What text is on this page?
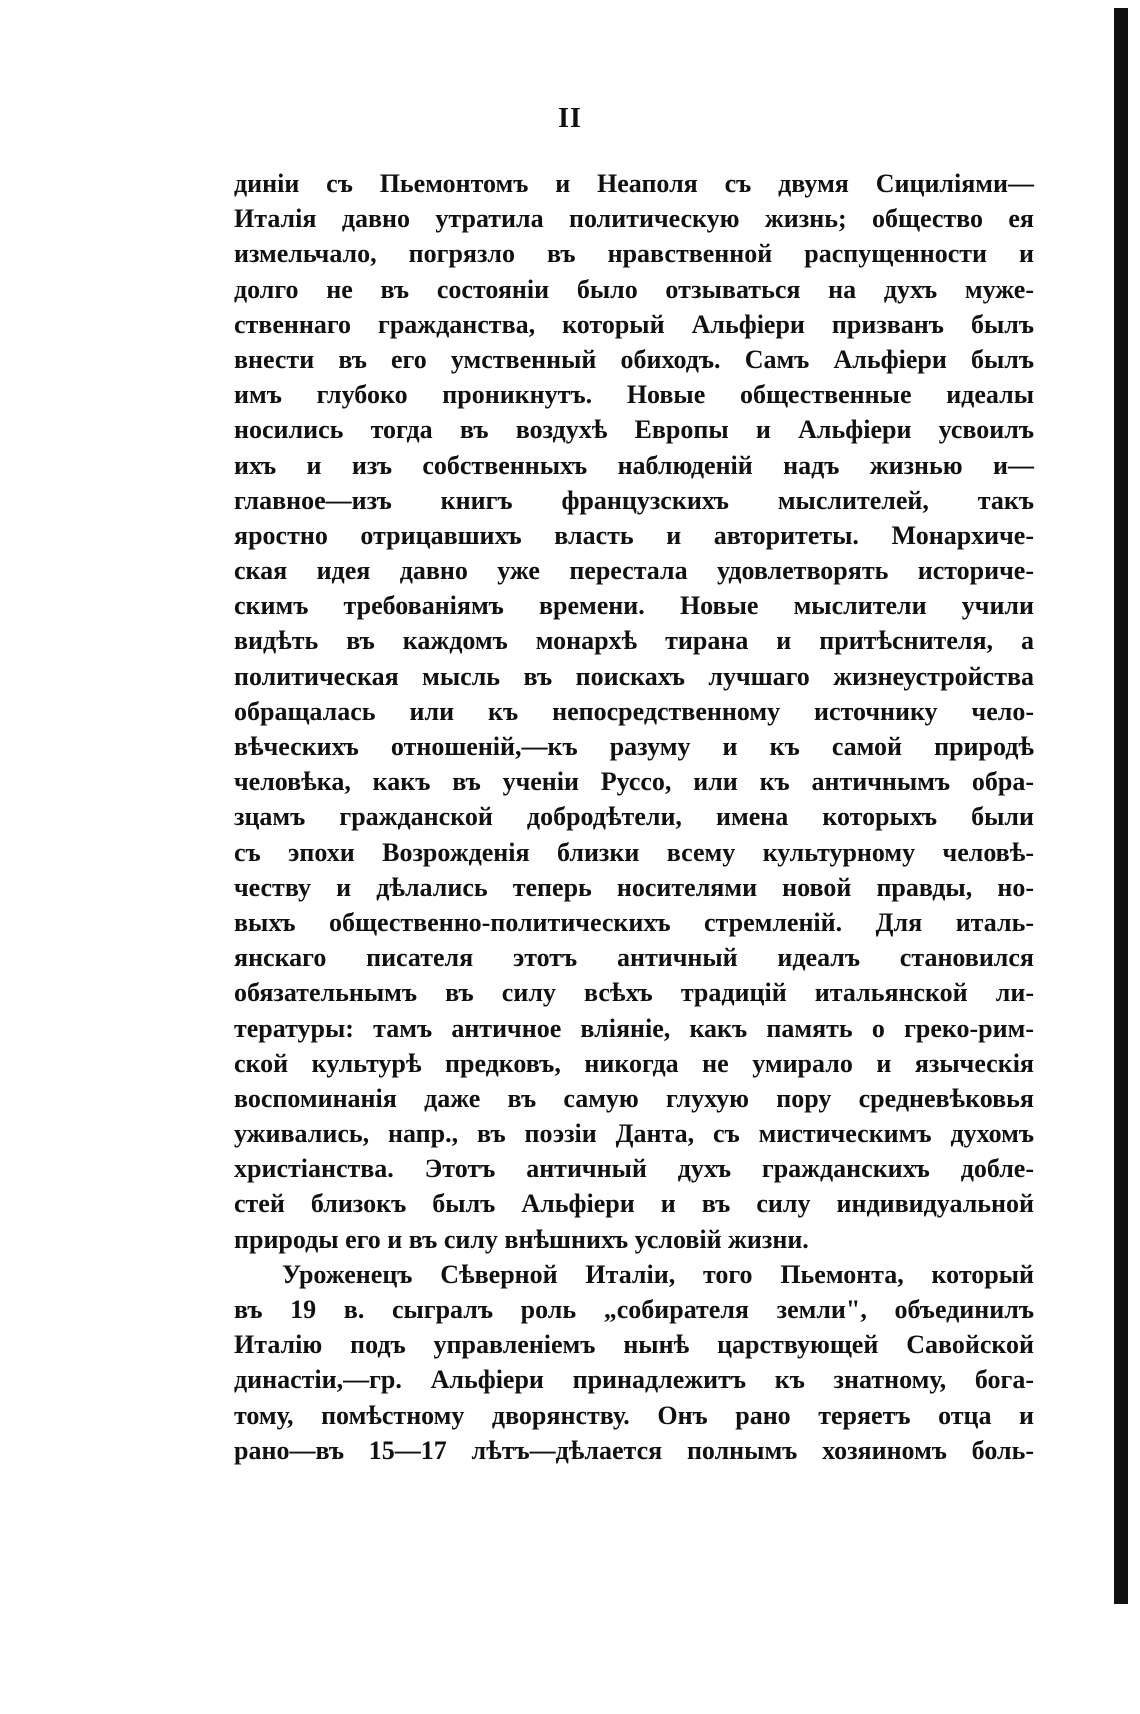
II
диніи съ Пьемонтомъ и Неаполя съ двумя Сициліями—
Италія давно утратила политическую жизнь; общество ея
измельчало, погрязло въ нравственной распущенности и
долго не въ состояніи было отзываться на духъ муже-
ственнаго гражданства, который Альфіери призванъ былъ
внести въ его умственный обиходъ. Самъ Альфіери былъ
имъ глубоко проникнутъ. Новые общественные идеалы
носились тогда въ воздухѣ Европы и Альфіери усвоилъ
ихъ и изъ собственныхъ наблюденій надъ жизнью и—
главное—изъ книгъ французскихъ мыслителей, такъ
яростно отрицавшихъ власть и авторитеты. Монархиче-
ская идея давно уже перестала удовлетворять историче-
скимъ требованіямъ времени. Новые мыслители учили
видѣть въ каждомъ монархѣ тирана и притѣснителя, а
политическая мысль въ поискахъ лучшаго жизнеустройства
обращалась или къ непосредственному источнику чело-
вѣческихъ отношеній,—къ разуму и къ самой природѣ
человѣка, какъ въ ученіи Руссо, или къ античнымъ обра-
зцамъ гражданской добродѣтели, имена которыхъ были
съ эпохи Возрожденія близки всему культурному человѣ-
честву и дѣлались теперь носителями новой правды, но-
выхъ общественно-политическихъ стремленій. Для италь-
янскаго писателя этотъ античный идеалъ становился
обязательнымъ въ силу всѣхъ традицій итальянской ли-
тературы: тамъ античное вліяніе, какъ память о греко-рим-
ской культурѣ предковъ, никогда не умирало и языческія
воспоминанія даже въ самую глухую пору средневѣковья
уживались, напр., въ поэзіи Данта, съ мистическимъ духомъ
христіанства. Этотъ античный духъ гражданскихъ добле-
стей близокъ былъ Альфіери и въ силу индивидуальной
природы его и въ силу внѣшнихъ условій жизни.
Уроженецъ Сѣверной Италіи, того Пьемонта, который
въ 19 в. сыгралъ роль „собирателя земли", объединилъ
Италію подъ управленіемъ нынѣ царствующей Савойской
династіи,—гр. Альфіери принадлежитъ къ знатному, бога-
тому, помѣстному дворянству. Онъ рано теряетъ отца и
рано—въ 15—17 лѣтъ—дѣлается полнымъ хозяиномъ боль-
